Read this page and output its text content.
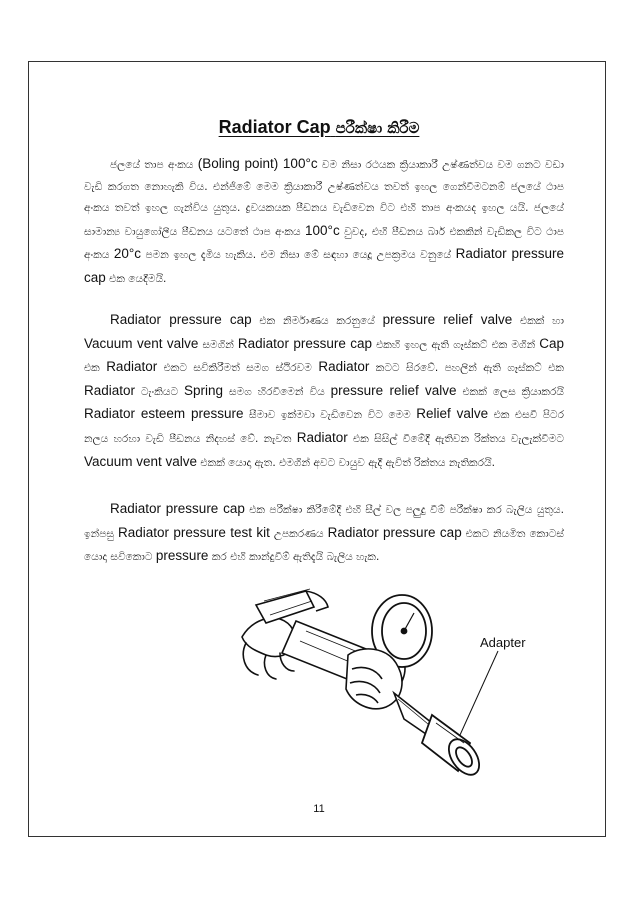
Radiator Cap පරීක්ෂා කිරීම

ජලයේ තාප අංකය (Boling point) 100°c වම නිසා රථයක ක්‍රියාකාරී උෂ්ණත්වය වම ගනට වඩා වැඩි කරගත නොහැකි විය. එන්ජිමේ මෙම ක්‍රියාකාරී උෂ්ණත්වය තවත් ඉහල ගෙන්වීමටනම් ජලයේ ථාප අංකය තවත් ඉහල ගැන්විය යුතුය. ද්‍රවයකයක පීඩනය වැඩිවෙන විට එහි තාප අංකයද ඉහල යයි. ජලයේ සාමාන්‍ය වායුගෝලීය පීඩනය යටතේ ථාප අංකය 100°c වුවද, එහි පීඩනය බාර් එකකින් වැඩිකල විට ථාප අංකය 20°c පමන ඉහල දැමිය හැකිය. එම නිසා මේ සඳහා යෙදූ උපක්‍රමය වනුයේ Radiator pressure cap එක යෙදීමයි.

Radiator pressure cap එක නිර්මාණය කරනුයේ pressure relief valve එකක් හා Vacuum vent valve සමගින් Radiator pressure cap එකහි ඉහල ඇති ගෑස්කට් එක මගින් Cap එක Radiator එකට සවිකිරීමත් සමග ස්ථිරවම Radiator කටට සිරවේ. පහලින් ඇති ගෑස්කට් එක Radiator ටැංකියට Spring සමග හිරවීමෙන් විය pressure relief valve එකක් ලෙස ක්‍රියාකරයි Radiator esteem pressure සීමාව ඉක්මවා වැඩිවෙන විට මෙම Relief valve එක එසවී පිටර නලය හරහා වැඩි පීඩනය නිදහස් වේ. නැවත Radiator එක සිසිල් වීමේදී ඇතිවන රික්තය වැලැක්වීමට Vacuum vent valve එකක් යොදා ඇත. එමගින් අවට වායුව ඇදී ඇවිත් රික්තය නැතිකරයි.

Radiator pressure cap එක පරීක්ෂා කිරීමේදී එහි සීල් වල පලුදු වීම් පරීක්ෂා කර බැලිය යුතුය. ඉන්පසු Radiator pressure test kit උපකරණය Radiator pressure cap එකට නියමිත කොටස් යොදා සවිකොට pressure කර එහි කාන්දුවීම් ඇතිදැයි බැලිය හැක.

Adapter

11
